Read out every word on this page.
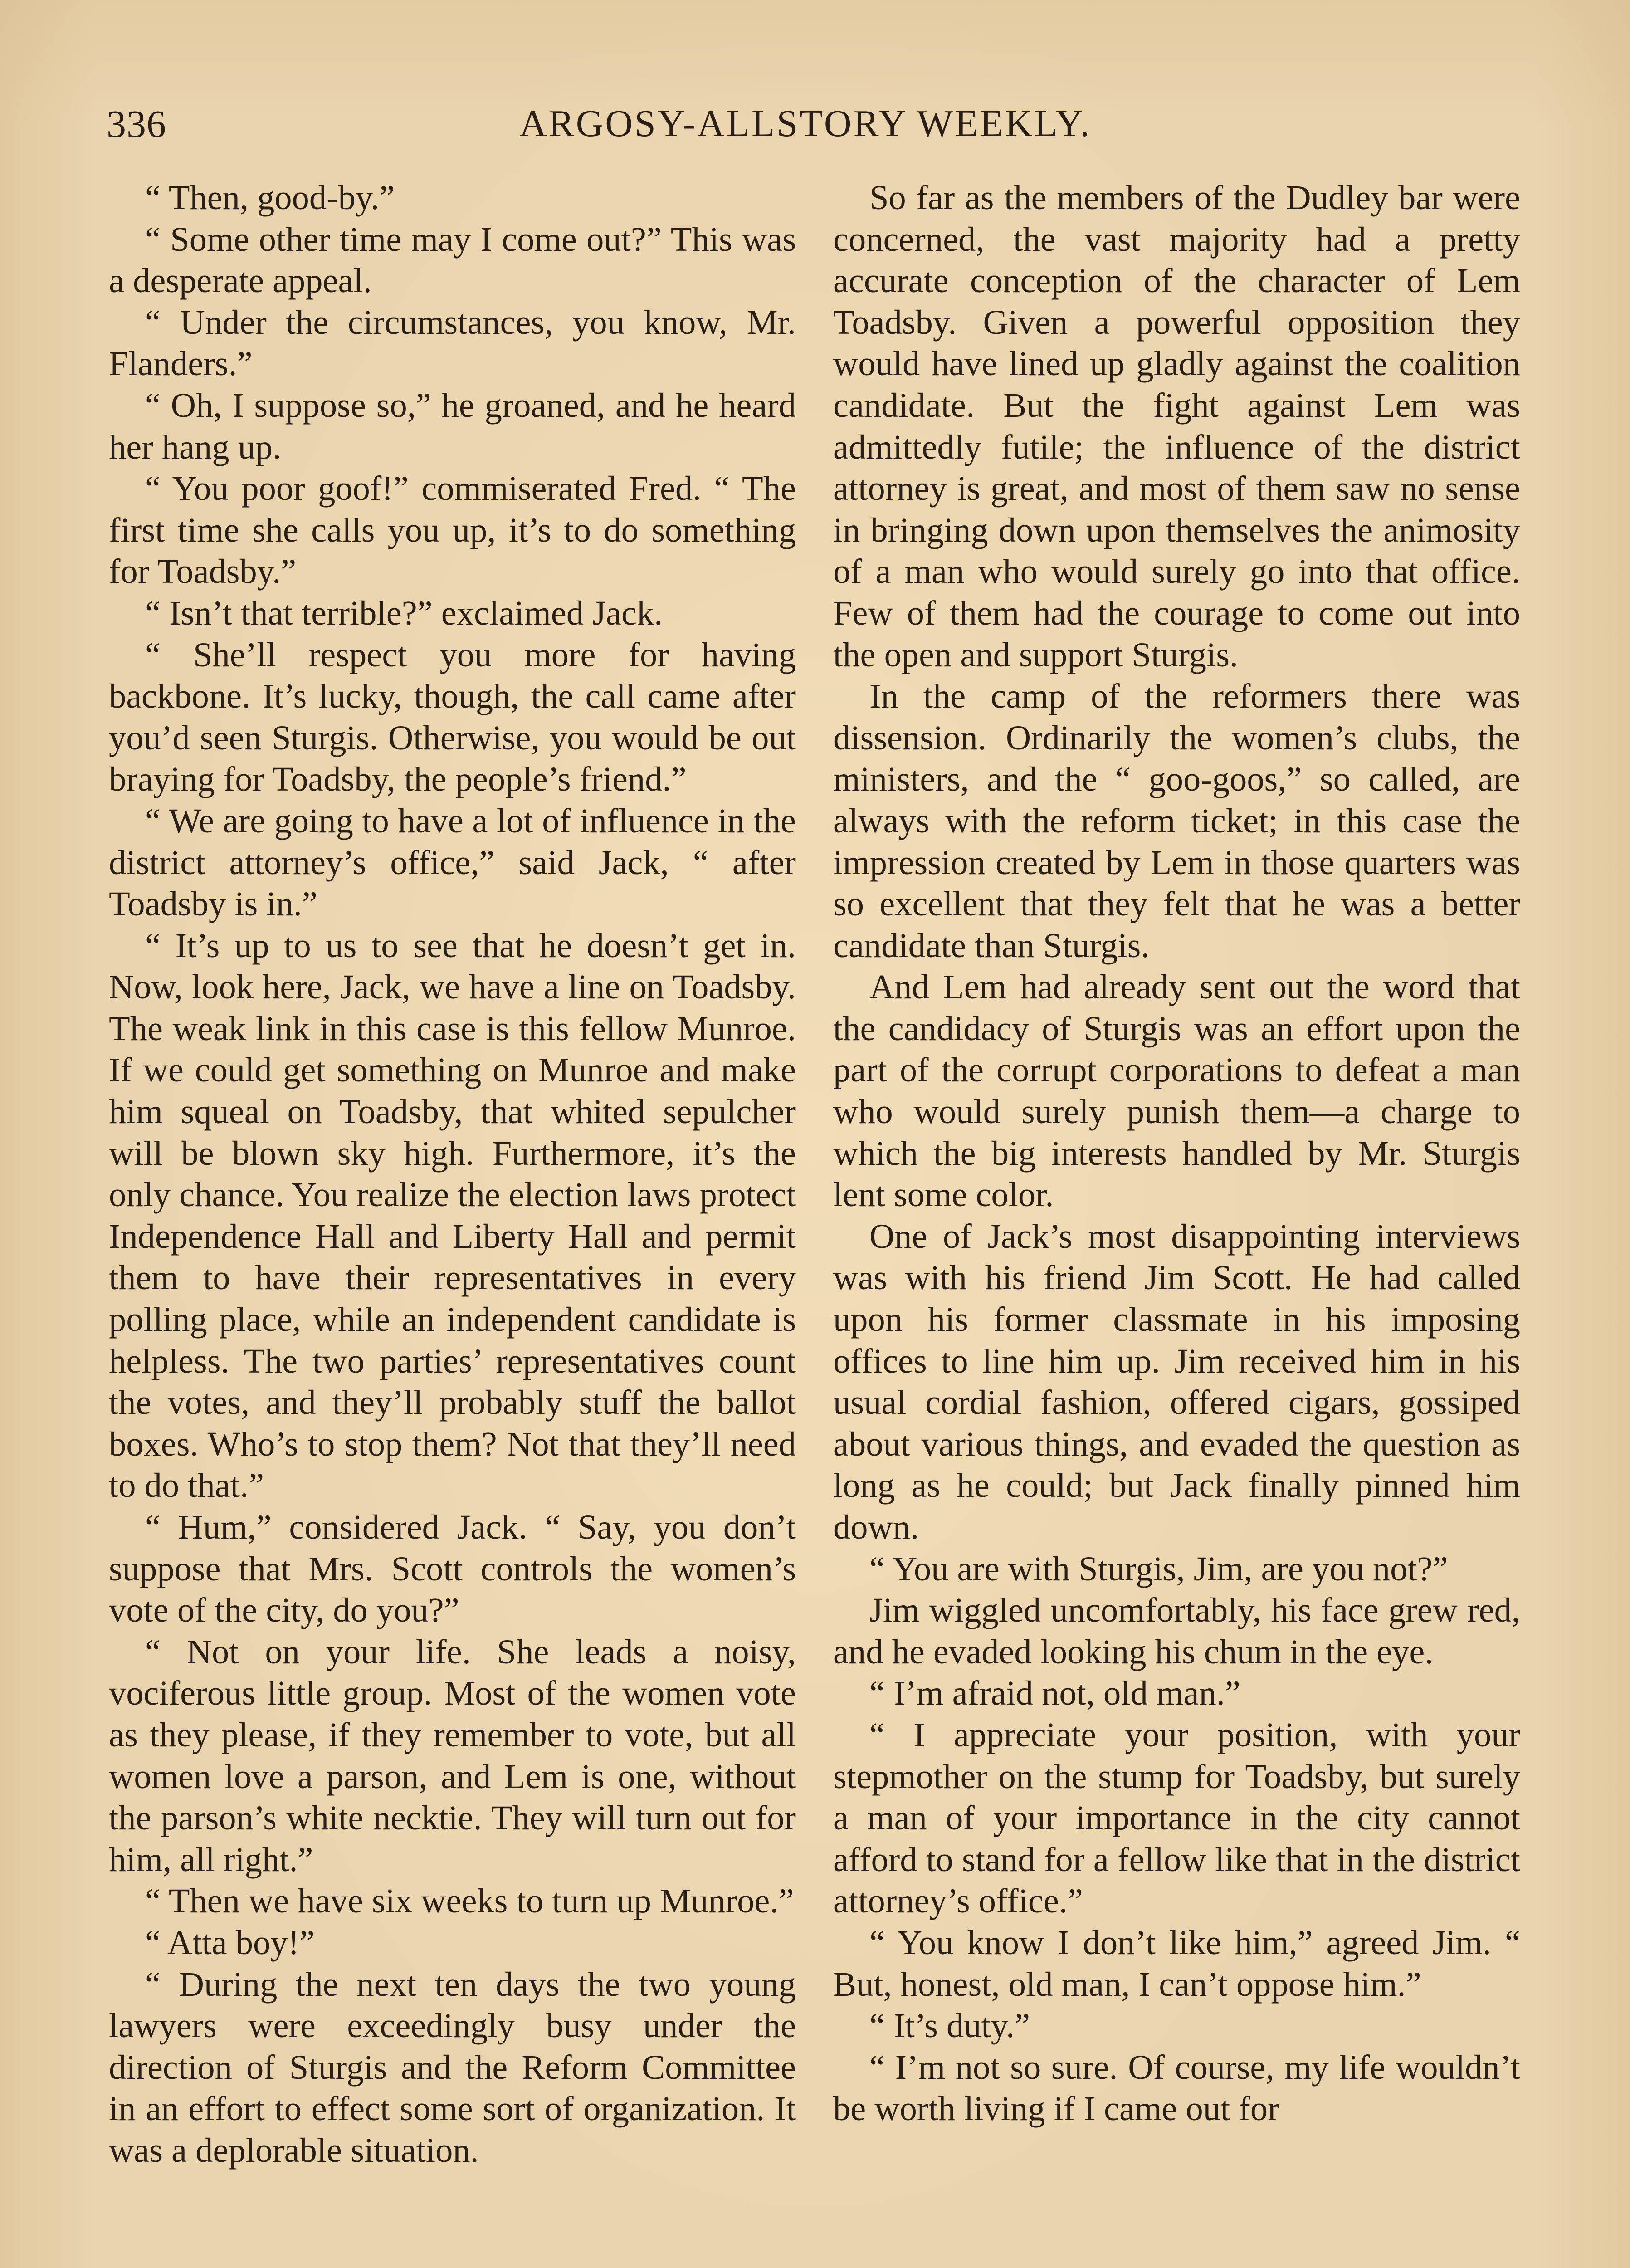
336	ARGOSY-ALLSTORY WEEKLY.

“ Then, good-by.”

“ Some other time may I come out?” This was a desperate appeal.

“ Under the circumstances, you know, Mr. Flanders.”

“ Oh, I suppose so,” he groaned, and he heard her hang up.

“ You poor goof!” commiserated Fred. “ The first time she calls you up, it’s to do something for Toadsby.”

“ Isn’t that terrible?” exclaimed Jack.

“ She’ll respect you more for having backbone. It’s lucky, though, the call came after you’d seen Sturgis. Otherwise, you would be out braying for Toadsby, the people’s friend.”

“ We are going to have a lot of influence in the district attorney’s office,” said Jack, “ after Toadsby is in.”

“ It’s up to us to see that he doesn’t get in. Now, look here, Jack, we have a line on Toadsby. The weak link in this case is this fellow Munroe. If we could get something on Munroe and make him squeal on Toadsby, that whited sepulcher will be blown sky high. Furthermore, it’s the only chance. You realize the election laws protect Independence Hall and Liberty Hall and permit them to have their representatives in every polling place, while an independent candidate is helpless. The two parties’ representatives count the votes, and they’ll probably stuff the ballot boxes. Who’s to stop them? Not that they’ll need to do that.”

“ Hum,” considered Jack. “ Say, you don’t suppose that Mrs. Scott controls the women’s vote of the city, do you?”

“ Not on your life. She leads a noisy, vociferous little group. Most of the women vote as they please, if they remember to vote, but all women love a parson, and Lem is one, without the parson’s white necktie. They will turn out for him, all right.”

“ Then we have six weeks to turn up Munroe.”

“ Atta boy!”

“ During the next ten days the two young lawyers were exceedingly busy under the direction of Sturgis and the Reform Committee in an effort to effect some sort of organization. It was a deplorable situation.

So far as the members of the Dudley bar were concerned, the vast majority had a pretty accurate conception of the character of Lem Toadsby. Given a powerful opposition they would have lined up gladly against the coalition candidate. But the fight against Lem was admittedly futile; the influence of the district attorney is great, and most of them saw no sense in bringing down upon themselves the animosity of a man who would surely go into that office. Few of them had the courage to come out into the open and support Sturgis.

In the camp of the reformers there was dissension. Ordinarily the women’s clubs, the ministers, and the “ goo-goos,” so called, are always with the reform ticket; in this case the impression created by Lem in those quarters was so excellent that they felt that he was a better candidate than Sturgis.

And Lem had already sent out the word that the candidacy of Sturgis was an effort upon the part of the corrupt corporations to defeat a man who would surely punish them—a charge to which the big interests handled by Mr. Sturgis lent some color.

One of Jack’s most disappointing interviews was with his friend Jim Scott. He had called upon his former classmate in his imposing offices to line him up. Jim received him in his usual cordial fashion, offered cigars, gossiped about various things, and evaded the question as long as he could; but Jack finally pinned him down.

“ You are with Sturgis, Jim, are you not?”

Jim wiggled uncomfortably, his face grew red, and he evaded looking his chum in the eye.

“ I’m afraid not, old man.”

“ I appreciate your position, with your stepmother on the stump for Toadsby, but surely a man of your importance in the city cannot afford to stand for a fellow like that in the district attorney’s office.”

“ You know I don’t like him,” agreed Jim. “ But, honest, old man, I can’t oppose him.”

“ It’s duty.”

“ I’m not so sure. Of course, my life wouldn’t be worth living if I came out for
